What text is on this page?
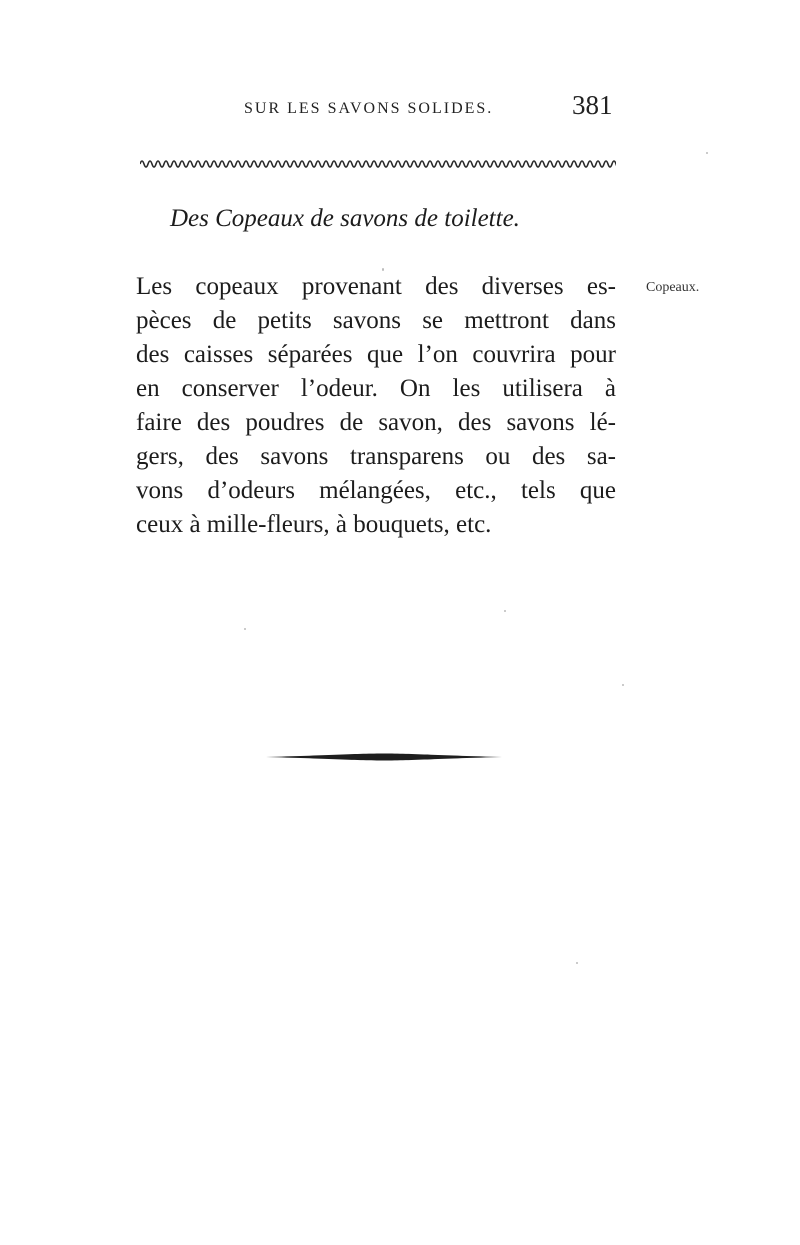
SUR LES SAVONS SOLIDES.	381
Des Copeaux de savons de toilette.
Les copeaux provenant des diverses es-
pèces de petits savons se mettront dans
des caisses séparées que l’on couvrira pour
en conserver l’odeur. On les utilisera à
faire des poudres de savon, des savons lé-
gers, des savons transparens ou des sa-
vons d’odeurs mélangées, etc., tels que
ceux à mille-fleurs, à bouquets, etc.
Copeaux.
